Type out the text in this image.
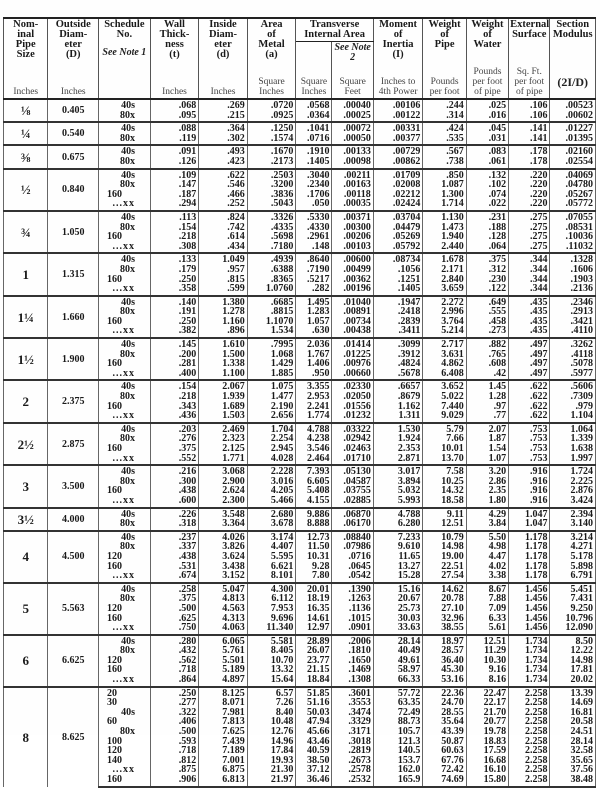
Nom-
inal
Pipe
Size	Outside
Diam-
eter
(D)	Schedule
No.
See Note 1	Wall
Thick-
ness
(t)	Inside
Diam-
eter
(d)	Area
of
Metal
(a)	Transverse
Internal Area		Moment
of
Inertia
(I)	Weight
of
Pipe	Weight
of
Water	External
Surface	Section
Modulus

							See Note 2					

Inches	Inches		Inches	Inches	Square Inches	Square Inches	Square Feet	Inches to 4th Power	Pounds per foot	Pounds per foot of pipe	Sq. Ft. per foot of pipe	(2I/D)
⅛	0.405	40s	.068	.269	.0720	.0568	.00040	.00106	.244	.025	.106	.00523
		80x	.095	.215	.0925	.0364	.00025	.00122	.314	.016	.106	.00602
¼	0.540	40s	.088	.364	.1250	.1041	.00072	.00331	.424	.045	.141	.01227
		80x	.119	.302	.1574	.0716	.00050	.00377	.535	.031	.141	.01395
⅜	0.675	40s	.091	.493	.1670	.1910	.00133	.00729	.567	.083	.178	.02160
		80x	.126	.423	.2173	.1405	.00098	.00862	.738	.061	.178	.02554
½	0.840	40s	.109	.622	.2503	.3040	.00211	.01709	.850	.132	.220	.04069
		80x	.147	.546	.3200	.2340	.00163	.02008	1.087	.102	.220	.04780
		160	.187	.466	.3836	.1706	.00118	.02212	1.300	.074	.220	.05267
		...xx	.294	.252	.5043	.050	.00035	.02424	1.714	.022	.220	.05772
¾	1.050	40s	.113	.824	.3326	.5330	.00371	.03704	1.130	.231	.275	.07055
		80x	.154	.742	.4335	.4330	.00300	.04479	1.473	.188	.275	.08531
		160	.218	.614	.5698	.2961	.00206	.05269	1.940	.128	.275	.10036
		...xx	.308	.434	.7180	.148	.00103	.05792	2.440	.064	.275	.11032
1	1.315	40s	.133	1.049	.4939	.8640	.00600	.08734	1.678	.375	.344	.1328
		80x	.179	.957	.6388	.7190	.00499	.1056	2.171	.312	.344	.1606
		160	.250	.815	.8365	.5217	.00362	.1251	2.840	.230	.344	.1903
		...xx	.358	.599	1.0760	.282	.00196	.1405	3.659	.122	.344	.2136
1¼	1.660	40s	.140	1.380	.6685	1.495	.01040	.1947	2.272	.649	.435	.2346
		80x	.191	1.278	.8815	1.283	.00891	.2418	2.996	.555	.435	.2913
		160	.250	1.160	1.1070	1.057	.00734	.2839	3.764	.458	.435	.3421
		...xx	.382	.896	1.534	.630	.00438	.3411	5.214	.273	.435	.4110
1½	1.900	40s	.145	1.610	.7995	2.036	.01414	.3099	2.717	.882	.497	.3262
		80x	.200	1.500	1.068	1.767	.01225	.3912	3.631	.765	.497	.4118
		160	.281	1.338	1.429	1.406	.00976	.4824	4.862	.608	.497	.5078
		...xx	.400	1.100	1.885	.950	.00660	.5678	6.408	.42	.497	.5977
2	2.375	40s	.154	2.067	1.075	3.355	.02330	.6657	3.652	1.45	.622	.5606
		80x	.218	1.939	1.477	2.953	.02050	.8679	5.022	1.28	.622	.7309
		160	.343	1.689	2.190	2.241	.01556	1.162	7.440	.97	.622	.979
		...xx	.436	1.503	2.656	1.774	.01232	1.311	9.029	.77	.622	1.104
2½	2.875	40s	.203	2.469	1.704	4.788	.03322	1.530	5.79	2.07	.753	1.064
		80x	.276	2.323	2.254	4.238	.02942	1.924	7.66	1.87	.753	1.339
		160	.375	2.125	2.945	3.546	.02463	2.353	10.01	1.54	.753	1.638
		...xx	.552	1.771	4.028	2.464	.01710	2.871	13.70	1.07	.753	1.997
3	3.500	40s	.216	3.068	2.228	7.393	.05130	3.017	7.58	3.20	.916	1.724
		80x	.300	2.900	3.016	6.605	.04587	3.894	10.25	2.86	.916	2.225
		160	.438	2.624	4.205	5.408	.03755	5.032	14.32	2.35	.916	2.876
		...xx	.600	2.300	5.466	4.155	.02885	5.993	18.58	1.80	.916	3.424
3½	4.000	40s	.226	3.548	2.680	9.886	.06870	4.788	9.11	4.29	1.047	2.394
		80x	.318	3.364	3.678	8.888	.06170	6.280	12.51	3.84	1.047	3.140
4	4.500	40s	.237	4.026	3.174	12.73	.08840	7.233	10.79	5.50	1.178	3.214
		80x	.337	3.826	4.407	11.50	.07986	9.610	14.98	4.98	1.178	4.271
		120	.438	3.624	5.595	10.31	.0716	11.65	19.00	4.47	1.178	5.178
		160	.531	3.438	6.621	9.28	.0645	13.27	22.51	4.02	1.178	5.898
		...xx	.674	3.152	8.101	7.80	.0542	15.28	27.54	3.38	1.178	6.791
5	5.563	40s	.258	5.047	4.300	20.01	.1390	15.16	14.62	8.67	1.456	5.451
		80x	.375	4.813	6.112	18.19	.1263	20.67	20.78	7.88	1.456	7.431
		120	.500	4.563	7.953	16.35	.1136	25.73	27.10	7.09	1.456	9.250
		160	.625	4.313	9.696	14.61	.1015	30.03	32.96	6.33	1.456	10.796
		...xx	.750	4.063	11.340	12.97	.0901	33.63	38.55	5.61	1.456	12.090
6	6.625	40s	.280	6.065	5.581	28.89	.2006	28.14	18.97	12.51	1.734	8.50
		80x	.432	5.761	8.405	26.07	.1810	40.49	28.57	11.29	1.734	12.22
		120	.562	5.501	10.70	23.77	.1650	49.61	36.40	10.30	1.734	14.98
		160	.718	5.189	13.32	21.15	.1469	58.97	45.30	9.16	1.734	17.81
		...xx	.864	4.897	15.64	18.84	.1308	66.33	53.16	8.16	1.734	20.02
8	8.625	20	.250	8.125	6.57	51.85	.3601	57.72	22.36	22.47	2.258	13.39
		30	.277	8.071	7.26	51.16	.3553	63.35	24.70	22.17	2.258	14.69
		40s	.322	7.981	8.40	50.03	.3474	72.49	28.55	21.70	2.258	16.81
		60	.406	7.813	10.48	47.94	.3329	88.73	35.64	20.77	2.258	20.58
		80x	.500	7.625	12.76	45.66	.3171	105.7	43.39	19.78	2.258	24.51
		100	.593	7.439	14.96	43.46	.3018	121.3	50.87	18.83	2.258	28.14
		120	.718	7.189	17.84	40.59	.2819	140.5	60.63	17.59	2.258	32.58
		140	.812	7.001	19.93	38.50	.2673	153.7	67.76	16.68	2.258	35.65
		...xx	.875	6.875	21.30	37.12	.2578	162.0	72.42	16.10	2.258	37.56
		160	.906	6.813	21.97	36.46	.2532	165.9	74.69	15.80	2.258	38.48
